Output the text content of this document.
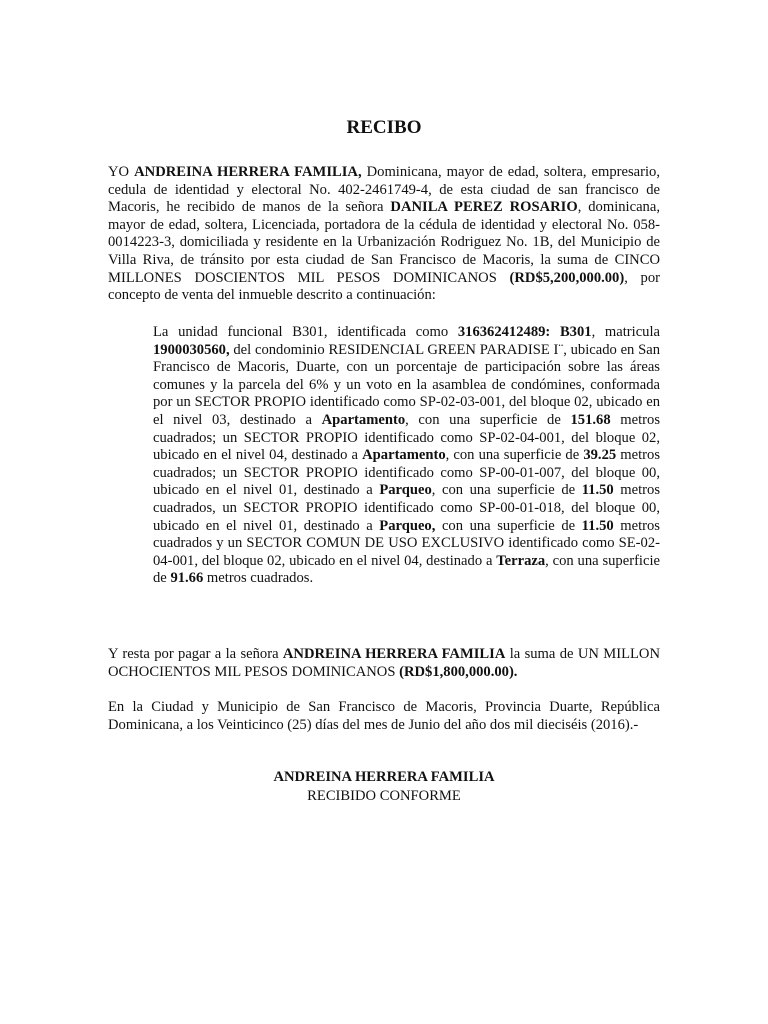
RECIBO

YO ANDREINA HERRERA FAMILIA, Dominicana, mayor de edad, soltera, empresario, cedula de identidad y electoral No. 402-2461749-4, de esta ciudad de san francisco de Macoris, he recibido de manos de la señora DANILA PEREZ ROSARIO, dominicana, mayor de edad, soltera, Licenciada, portadora de la cédula de identidad y electoral No. 058-0014223-3, domiciliada y residente en la Urbanización Rodriguez No. 1B, del Municipio de Villa Riva, de tránsito por esta ciudad de San Francisco de Macoris, la suma de CINCO MILLONES DOSCIENTOS MIL PESOS DOMINICANOS (RD$5,200,000.00), por concepto de venta del inmueble descrito a continuación:

La unidad funcional B301, identificada como 316362412489: B301, matricula 1900030560, del condominio RESIDENCIAL GREEN PARADISE I¨, ubicado en San Francisco de Macoris, Duarte, con un porcentaje de participación sobre las áreas comunes y la parcela del 6% y un voto en la asamblea de condómines, conformada por un SECTOR PROPIO identificado como SP-02-03-001, del bloque 02, ubicado en el nivel 03, destinado a Apartamento, con una superficie de 151.68 metros cuadrados; un SECTOR PROPIO identificado como SP-02-04-001, del bloque 02, ubicado en el nivel 04, destinado a Apartamento, con una superficie de 39.25 metros cuadrados; un SECTOR PROPIO identificado como SP-00-01-007, del bloque 00, ubicado en el nivel 01, destinado a Parqueo, con una superficie de 11.50 metros cuadrados, un SECTOR PROPIO identificado como SP-00-01-018, del bloque 00, ubicado en el nivel 01, destinado a Parqueo, con una superficie de 11.50 metros cuadrados y un SECTOR COMUN DE USO EXCLUSIVO identificado como SE-02-04-001, del bloque 02, ubicado en el nivel 04, destinado a Terraza, con una superficie de 91.66 metros cuadrados.

Y resta por pagar a la señora ANDREINA HERRERA FAMILIA la suma de UN MILLON OCHOCIENTOS MIL PESOS DOMINICANOS (RD$1,800,000.00).

En la Ciudad y Municipio de San Francisco de Macoris, Provincia Duarte, República Dominicana, a los Veinticinco (25) días del mes de Junio del año dos mil dieciséis (2016).-

ANDREINA HERRERA FAMILIA
RECIBIDO CONFORME
